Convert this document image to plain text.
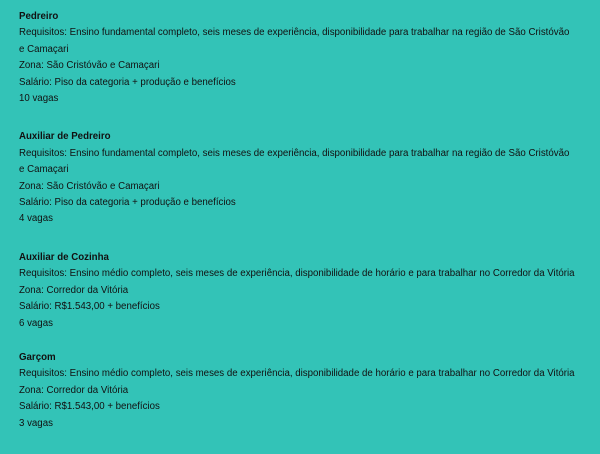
Pedreiro
Requisitos: Ensino fundamental completo, seis meses de experiência, disponibilidade para trabalhar na região de São Cristóvão e Camaçari
Zona: São Cristóvão e Camaçari
Salário: Piso da categoria + produção e benefícios
10 vagas
Auxiliar de Pedreiro
Requisitos: Ensino fundamental completo, seis meses de experiência, disponibilidade para trabalhar na região de São Cristóvão e Camaçari
Zona: São Cristóvão e Camaçari
Salário: Piso da categoria + produção e benefícios
4 vagas
Auxiliar de Cozinha
Requisitos: Ensino médio completo, seis meses de experiência, disponibilidade de horário e para trabalhar no Corredor da Vitória
Zona: Corredor da Vitória
Salário: R$1.543,00 + benefícios
6 vagas
Garçom
Requisitos: Ensino médio completo, seis meses de experiência, disponibilidade de horário e para trabalhar no Corredor da Vitória
Zona: Corredor da Vitória
Salário: R$1.543,00 + benefícios
3 vagas
